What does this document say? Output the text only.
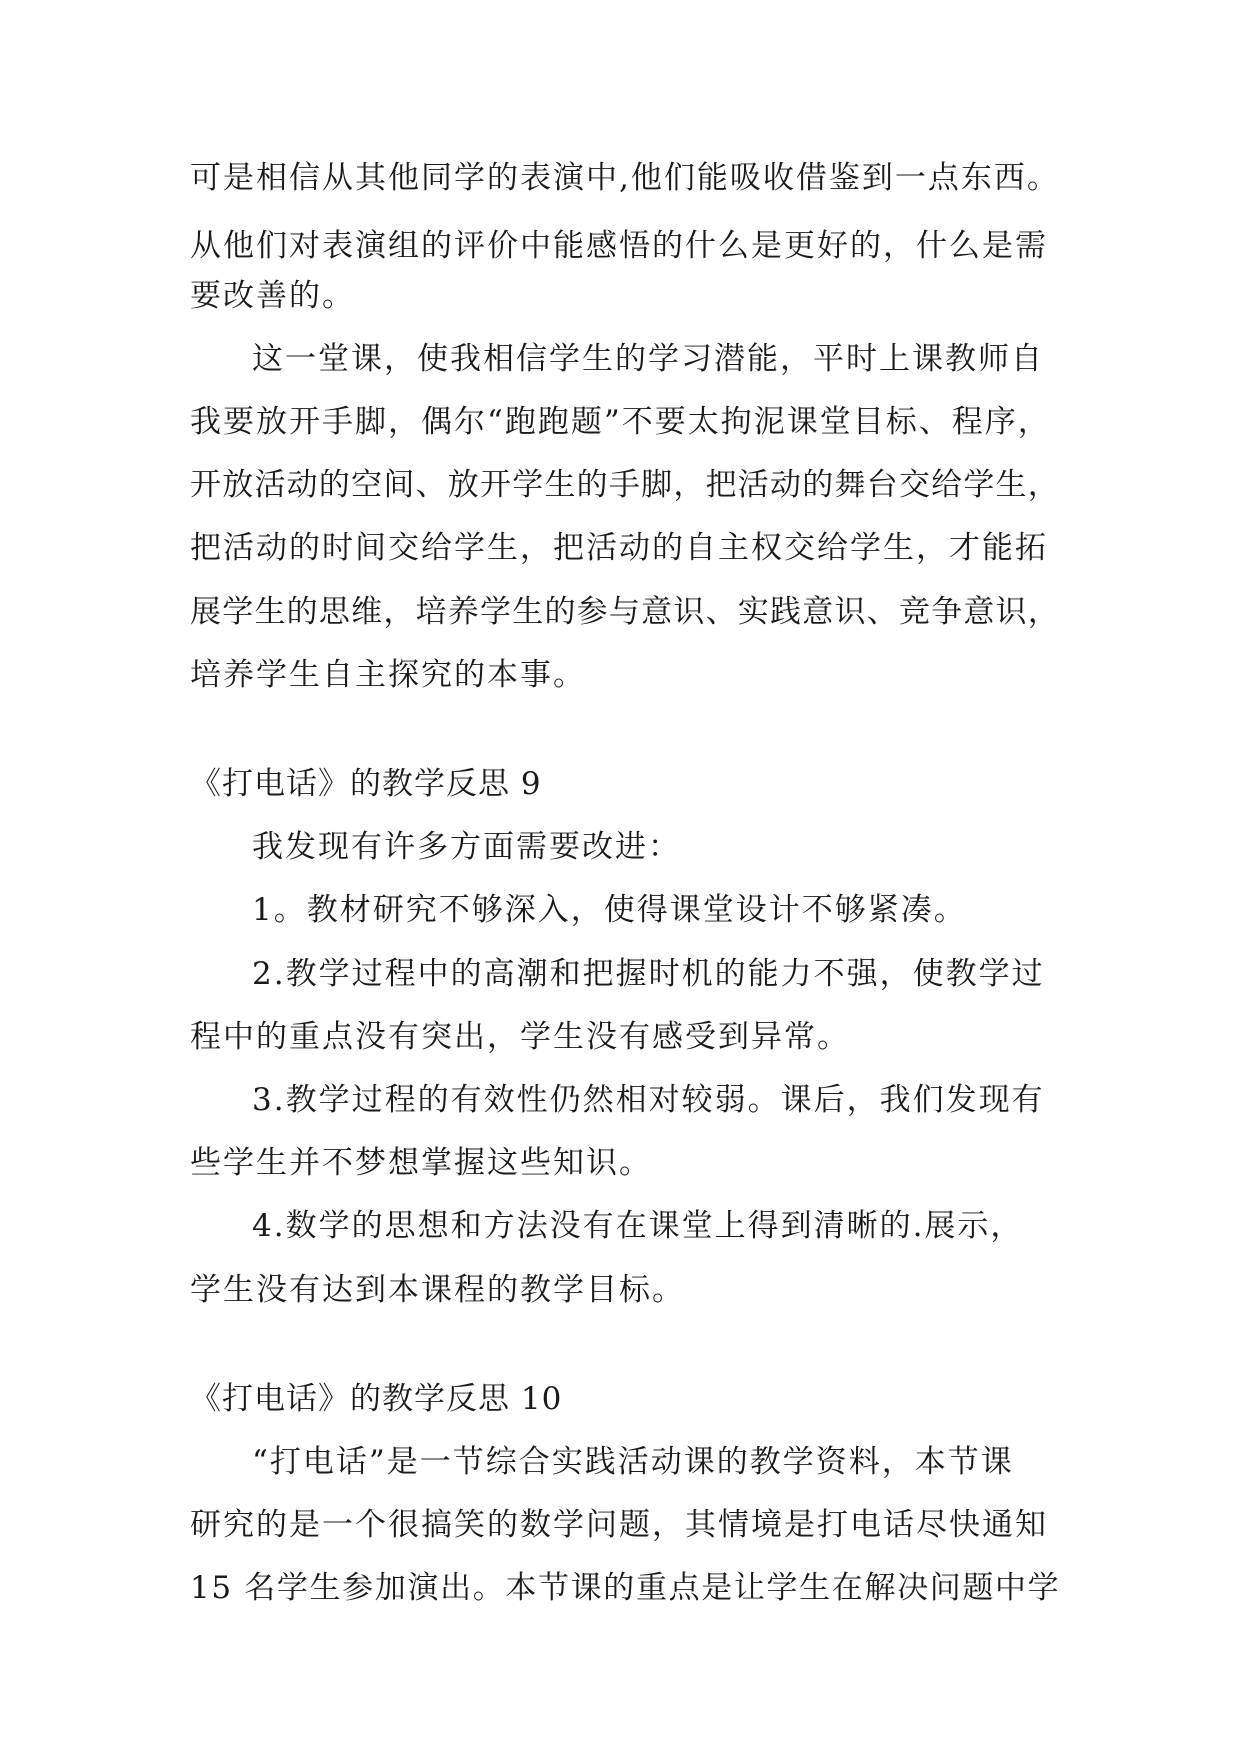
可是相信从其他同学的表演中,他们能吸收借鉴到一点东西。
从他们对表演组的评价中能感悟的什么是更好的，什么是需
要改善的。
这一堂课，使我相信学生的学习潜能，平时上课教师自
我要放开手脚，偶尔“跑跑题”不要太拘泥课堂目标、程序，
开放活动的空间、放开学生的手脚，把活动的舞台交给学生，
把活动的时间交给学生，把活动的自主权交给学生，才能拓
展学生的思维，培养学生的参与意识、实践意识、竞争意识，
培养学生自主探究的本事。
《打电话》的教学反思 9
我发现有许多方面需要改进：
1。教材研究不够深入，使得课堂设计不够紧凑。
2.教学过程中的高潮和把握时机的能力不强，使教学过
程中的重点没有突出，学生没有感受到异常。
3.教学过程的有效性仍然相对较弱。课后，我们发现有
些学生并不梦想掌握这些知识。
4.数学的思想和方法没有在课堂上得到清晰的.展示，
学生没有达到本课程的教学目标。
《打电话》的教学反思 10
“打电话”是一节综合实践活动课的教学资料，本节课
研究的是一个很搞笑的数学问题，其情境是打电话尽快通知
15 名学生参加演出。本节课的重点是让学生在解决问题中学
